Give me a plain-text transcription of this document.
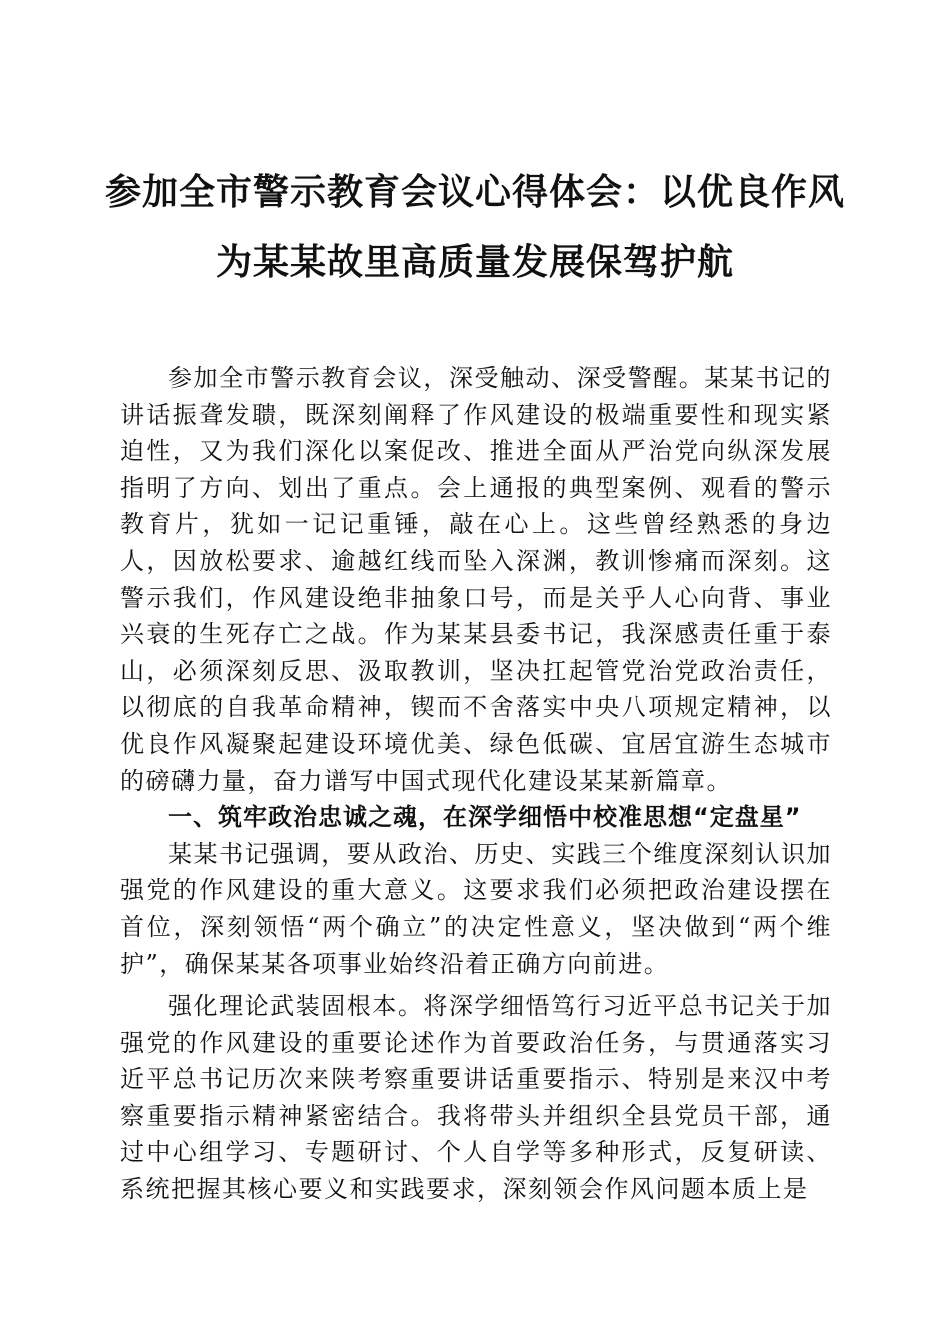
参加全市警示教育会议心得体会：以优良作风
为某某故里高质量发展保驾护航

参加全市警示教育会议，深受触动、深受警醒。某某书记的讲话振聋发聩，既深刻阐释了作风建设的极端重要性和现实紧迫性，又为我们深化以案促改、推进全面从严治党向纵深发展指明了方向、划出了重点。会上通报的典型案例、观看的警示教育片，犹如一记记重锤，敲在心上。这些曾经熟悉的身边人，因放松要求、逾越红线而坠入深渊，教训惨痛而深刻。这警示我们，作风建设绝非抽象口号，而是关乎人心向背、事业兴衰的生死存亡之战。作为某某县委书记，我深感责任重于泰山，必须深刻反思、汲取教训，坚决扛起管党治党政治责任，以彻底的自我革命精神，锲而不舍落实中央八项规定精神，以优良作风凝聚起建设环境优美、绿色低碳、宜居宜游生态城市的磅礴力量，奋力谱写中国式现代化建设某某新篇章。

一、筑牢政治忠诚之魂，在深学细悟中校准思想“定盘星”

某某书记强调，要从政治、历史、实践三个维度深刻认识加强党的作风建设的重大意义。这要求我们必须把政治建设摆在首位，深刻领悟“两个确立”的决定性意义，坚决做到“两个维护”，确保某某各项事业始终沿着正确方向前进。

强化理论武装固根本。将深学细悟笃行习近平总书记关于加强党的作风建设的重要论述作为首要政治任务，与贯通落实习近平总书记历次来陕考察重要讲话重要指示、特别是来汉中考察重要指示精神紧密结合。我将带头并组织全县党员干部，通过中心组学习、专题研讨、个人自学等多种形式，反复研读、系统把握其核心要义和实践要求，深刻领会作风问题本质上是
